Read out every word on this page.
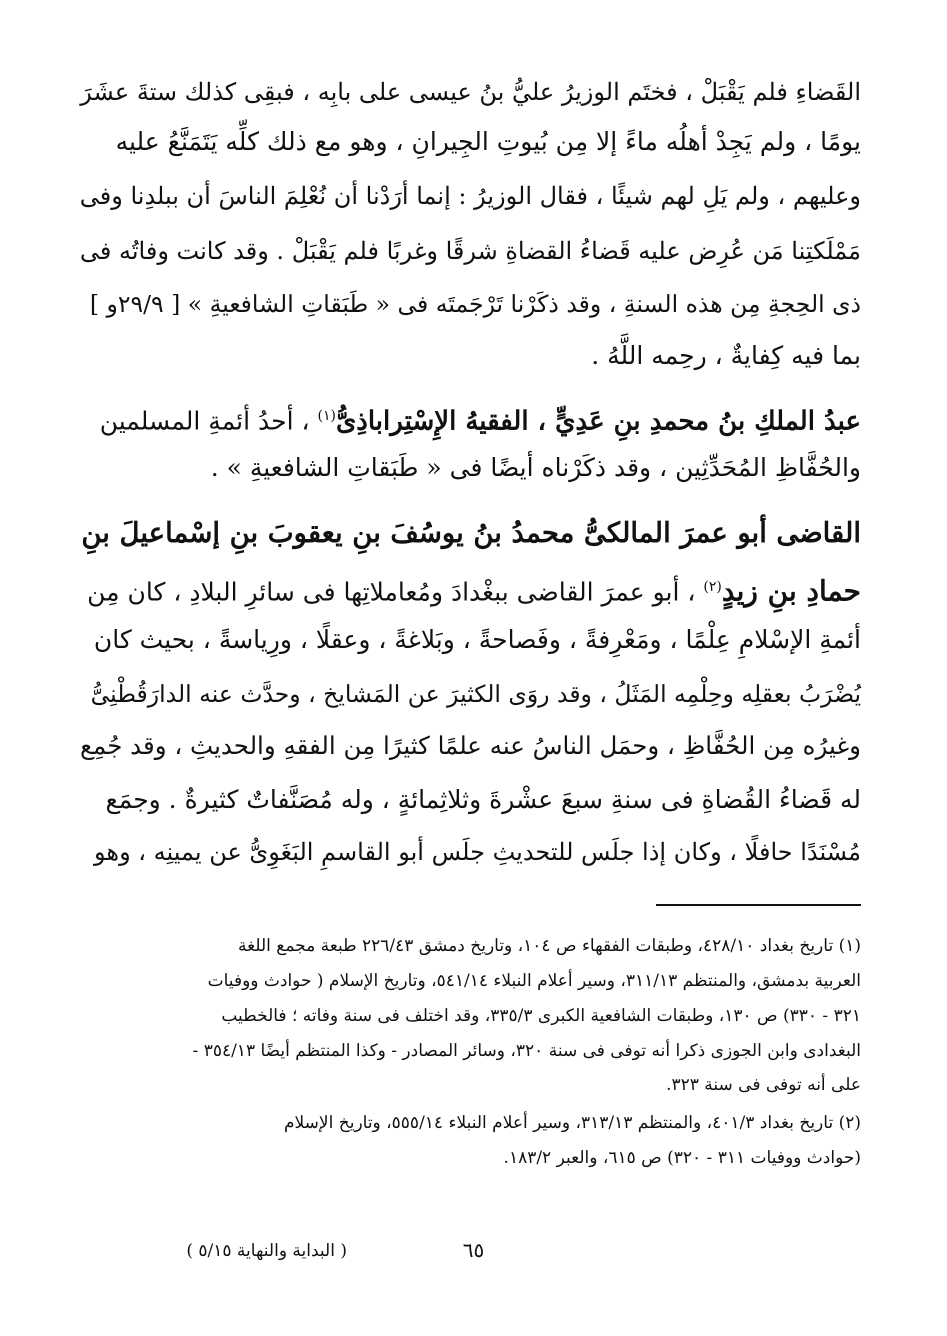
القَضاءِ فلم يَقْبَلْ ، فختَم الوزيرُ عليُّ بنُ عيسى على بابِه ، فبقِى كذلك ستةَ عشَرَ
يومًا ، ولم يَجِدْ أهلُه ماءً إلا مِن بُيوتِ الجِيرانِ ، وهو مع ذلك كلِّه يَتَمَنَّعُ عليه
وعليهم ، ولم يَلِ لهم شيئًا ، فقال الوزيرُ : إنما أرَدْنا أن نُعْلِمَ الناسَ أن ببلدِنا وفى
مَمْلَكتِنا مَن عُرِض عليه قَضاءُ القضاةِ شرقًا وغربًا فلم يَقْبَلْ . وقد كانت وفاتُه فى
ذى الحِجةِ مِن هذه السنةِ ، وقد ذكَرْنا تَرْجَمتَه فى « طَبَقاتِ الشافعيةِ » [ ٢٩/٩و ]
بما فيه كِفايةٌ ، رحِمه اللَّهُ .
عبدُ الملكِ بنُ محمدِ بنِ عَدِيٍّ ، الفقيهُ الإِسْتِراباذِىُّ$^{(١)}$ ، أحدُ أئمةِ المسلمين
والحُفَّاظِ المُحَدِّثِين ، وقد ذكَرْناه أيضًا فى « طَبَقاتِ الشافعيةِ » .
القاضى أبو عمرَ المالكىُّ محمدُ بنُ يوسُفَ بنِ يعقوبَ بنِ إسْماعيلَ بنِ
حمادِ بنِ زيدٍ$^{(٢)}$ ، أبو عمرَ القاضى ببغْدادَ ومُعاملاتِها فى سائرِ البلادِ ، كان مِن
أئمةِ الإسْلامِ عِلْمًا ، ومَعْرِفةً ، وفَصاحةً ، وبَلاغةً ، وعقلًا ، ورِياسةً ، بحيث كان
يُضْرَبُ بعقلِه وحِلْمِه المَثَلُ ، وقد روَى الكثيرَ عن المَشايخ ، وحدَّث عنه الدارَقُطْنِىُّ
وغيرُه مِن الحُفَّاظِ ، وحمَل الناسُ عنه علمًا كثيرًا مِن الفقهِ والحديثِ ، وقد جُمِع
له قَضاءُ القُضاةِ فى سنةِ سبعَ عشْرةَ وثلاثِمائةٍ ، وله مُصَنَّفاتٌ كثيرةٌ . وجمَع
مُسْنَدًا حافلًا ، وكان إذا جلَس للتحديثِ جلَس أبو القاسمِ البَغَوِىُّ عن يمينِه ، وهو
(١) تاريخ بغداد ٤٢٨/١٠، وطبقات الفقهاء ص ١٠٤، وتاريخ دمشق ٢٢٦/٤٣ طبعة مجمع اللغة
العربية بدمشق، والمنتظم ٣١١/١٣، وسير أعلام النبلاء ٥٤١/١٤، وتاريخ الإسلام ( حوادث ووفيات
٣٢١ - ٣٣٠) ص ١٣٠، وطبقات الشافعية الكبرى ٣٣٥/٣، وقد اختلف فى سنة وفاته ؛ فالخطيب
البغدادى وابن الجوزى ذكرا أنه توفى فى سنة ٣٢٠، وسائر المصادر - وكذا المنتظم أيضًا ٣٥٤/١٣ -
على أنه توفى فى سنة ٣٢٣.
(٢) تاريخ بغداد ٤٠١/٣، والمنتظم ٣١٣/١٣، وسير أعلام النبلاء ٥٥٥/١٤، وتاريخ الإسلام
(حوادث ووفيات ٣١١ - ٣٢٠) ص ٦١٥، والعبر ١٨٣/٢.
٦٥
( البداية والنهاية ٥/١٥ )
